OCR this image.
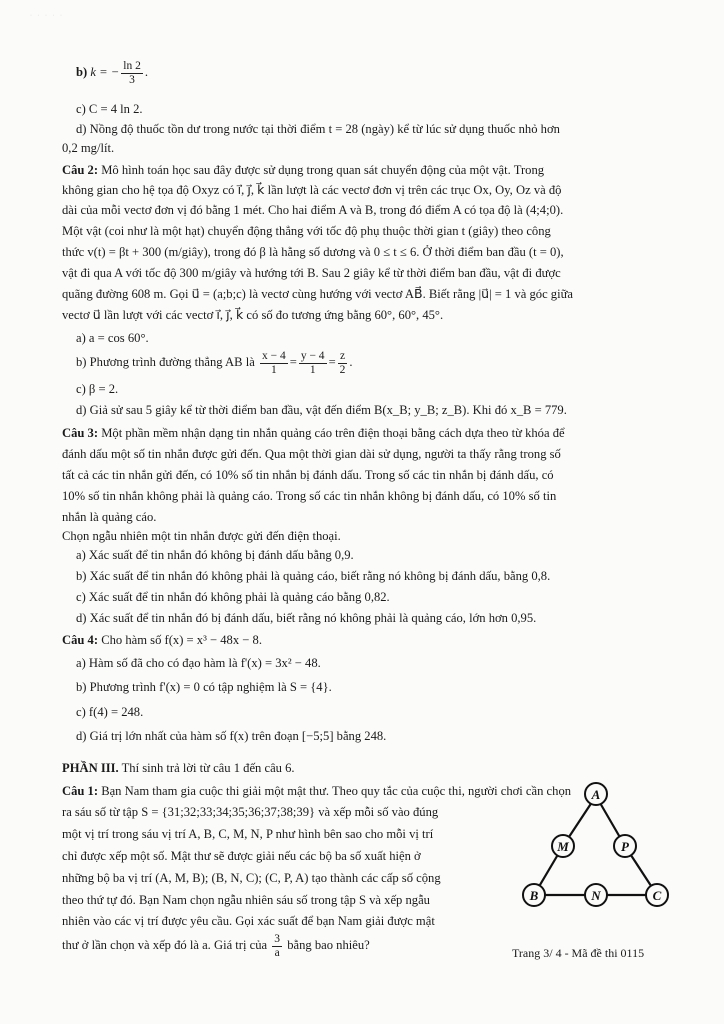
· · · · ·
b) k = − $\frac{\ln 2}{3}$ .
c) C = 4 ln 2.
d) Nồng độ thuốc tồn dư trong nước tại thời điểm t = 28 (ngày) kể từ lúc sử dụng thuốc nhỏ hơn
0,2 mg/lít.
Câu 2: Mô hình toán học sau đây được sử dụng trong quan sát chuyển động của một vật. Trong
không gian cho hệ tọa độ Oxyz có i⃗, j⃗, k⃗ lần lượt là các vectơ đơn vị trên các trục Ox, Oy, Oz và độ
dài của mỗi vectơ đơn vị đó bằng 1 mét. Cho hai điểm A và B, trong đó điểm A có tọa độ là (4;4;0).
Một vật (coi như là một hạt) chuyển động thẳng với tốc độ phụ thuộc thời gian t (giây) theo công
thức v(t) = βt + 300 (m/giây), trong đó β là hằng số dương và 0 ≤ t ≤ 6. Ở thời điểm ban đầu (t = 0),
vật đi qua A với tốc độ 300 m/giây và hướng tới B. Sau 2 giây kể từ thời điểm ban đầu, vật đi được
quãng đường 608 m. Gọi u⃗ = (a;b;c) là vectơ cùng hướng với vectơ AB⃗. Biết rằng |u⃗| = 1 và góc giữa
vectơ u⃗ lần lượt với các vectơ i⃗, j⃗, k⃗ có số đo tương ứng bằng 60°, 60°, 45°.
a) a = cos 60°.
b) Phương trình đường thẳng AB là $\frac{x - 4}{1} = \frac{y - 4}{1} = \frac{z}{2}$ .
c) β = 2.
d) Giả sử sau 5 giây kể từ thời điểm ban đầu, vật đến điểm B(x_B; y_B; z_B). Khi đó x_B = 779.
Câu 3: Một phần mềm nhận dạng tin nhắn quảng cáo trên điện thoại bằng cách dựa theo từ khóa để
đánh dấu một số tin nhắn được gửi đến. Qua một thời gian dài sử dụng, người ta thấy rằng trong số
tất cả các tin nhắn gửi đến, có 10% số tin nhắn bị đánh dấu. Trong số các tin nhắn bị đánh dấu, có
10% số tin nhắn không phải là quảng cáo. Trong số các tin nhắn không bị đánh dấu, có 10% số tin
nhắn là quảng cáo.
Chọn ngẫu nhiên một tin nhắn được gửi đến điện thoại.
a) Xác suất để tin nhắn đó không bị đánh dấu bằng 0,9.
b) Xác suất để tin nhắn đó không phải là quảng cáo, biết rằng nó không bị đánh dấu, bằng 0,8.
c) Xác suất để tin nhắn đó không phải là quảng cáo bằng 0,82.
d) Xác suất để tin nhắn đó bị đánh dấu, biết rằng nó không phải là quảng cáo, lớn hơn 0,95.
Câu 4: Cho hàm số f(x) = x³ − 48x − 8.
a) Hàm số đã cho có đạo hàm là f'(x) = 3x² − 48.
b) Phương trình f'(x) = 0 có tập nghiệm là S = {4}.
c) f(4) = 248.
d) Giá trị lớn nhất của hàm số f(x) trên đoạn [−5;5] bằng 248.
PHẦN III. Thí sinh trả lời từ câu 1 đến câu 6.
Câu 1: Bạn Nam tham gia cuộc thi giải một mật thư. Theo quy tắc của cuộc thi, người chơi cần chọn
ra sáu số từ tập S = {31;32;33;34;35;36;37;38;39} và xếp mỗi số vào đúng
một vị trí trong sáu vị trí A, B, C, M, N, P như hình bên sao cho mỗi vị trí
chỉ được xếp một số. Mật thư sẽ được giải nếu các bộ ba số xuất hiện ở
những bộ ba vị trí (A, M, B); (B, N, C); (C, P, A) tạo thành các cấp số cộng
theo thứ tự đó. Bạn Nam chọn ngẫu nhiên sáu số trong tập S và xếp ngẫu
nhiên vào các vị trí được yêu cầu. Gọi xác suất để bạn Nam giải được mật
thư ở lần chọn và xếp đó là a. Giá trị của $\frac{3}{a}$ bằng bao nhiêu?
A
M	P
B	N	C
Trang 3/ 4 - Mã đề thi 0115
